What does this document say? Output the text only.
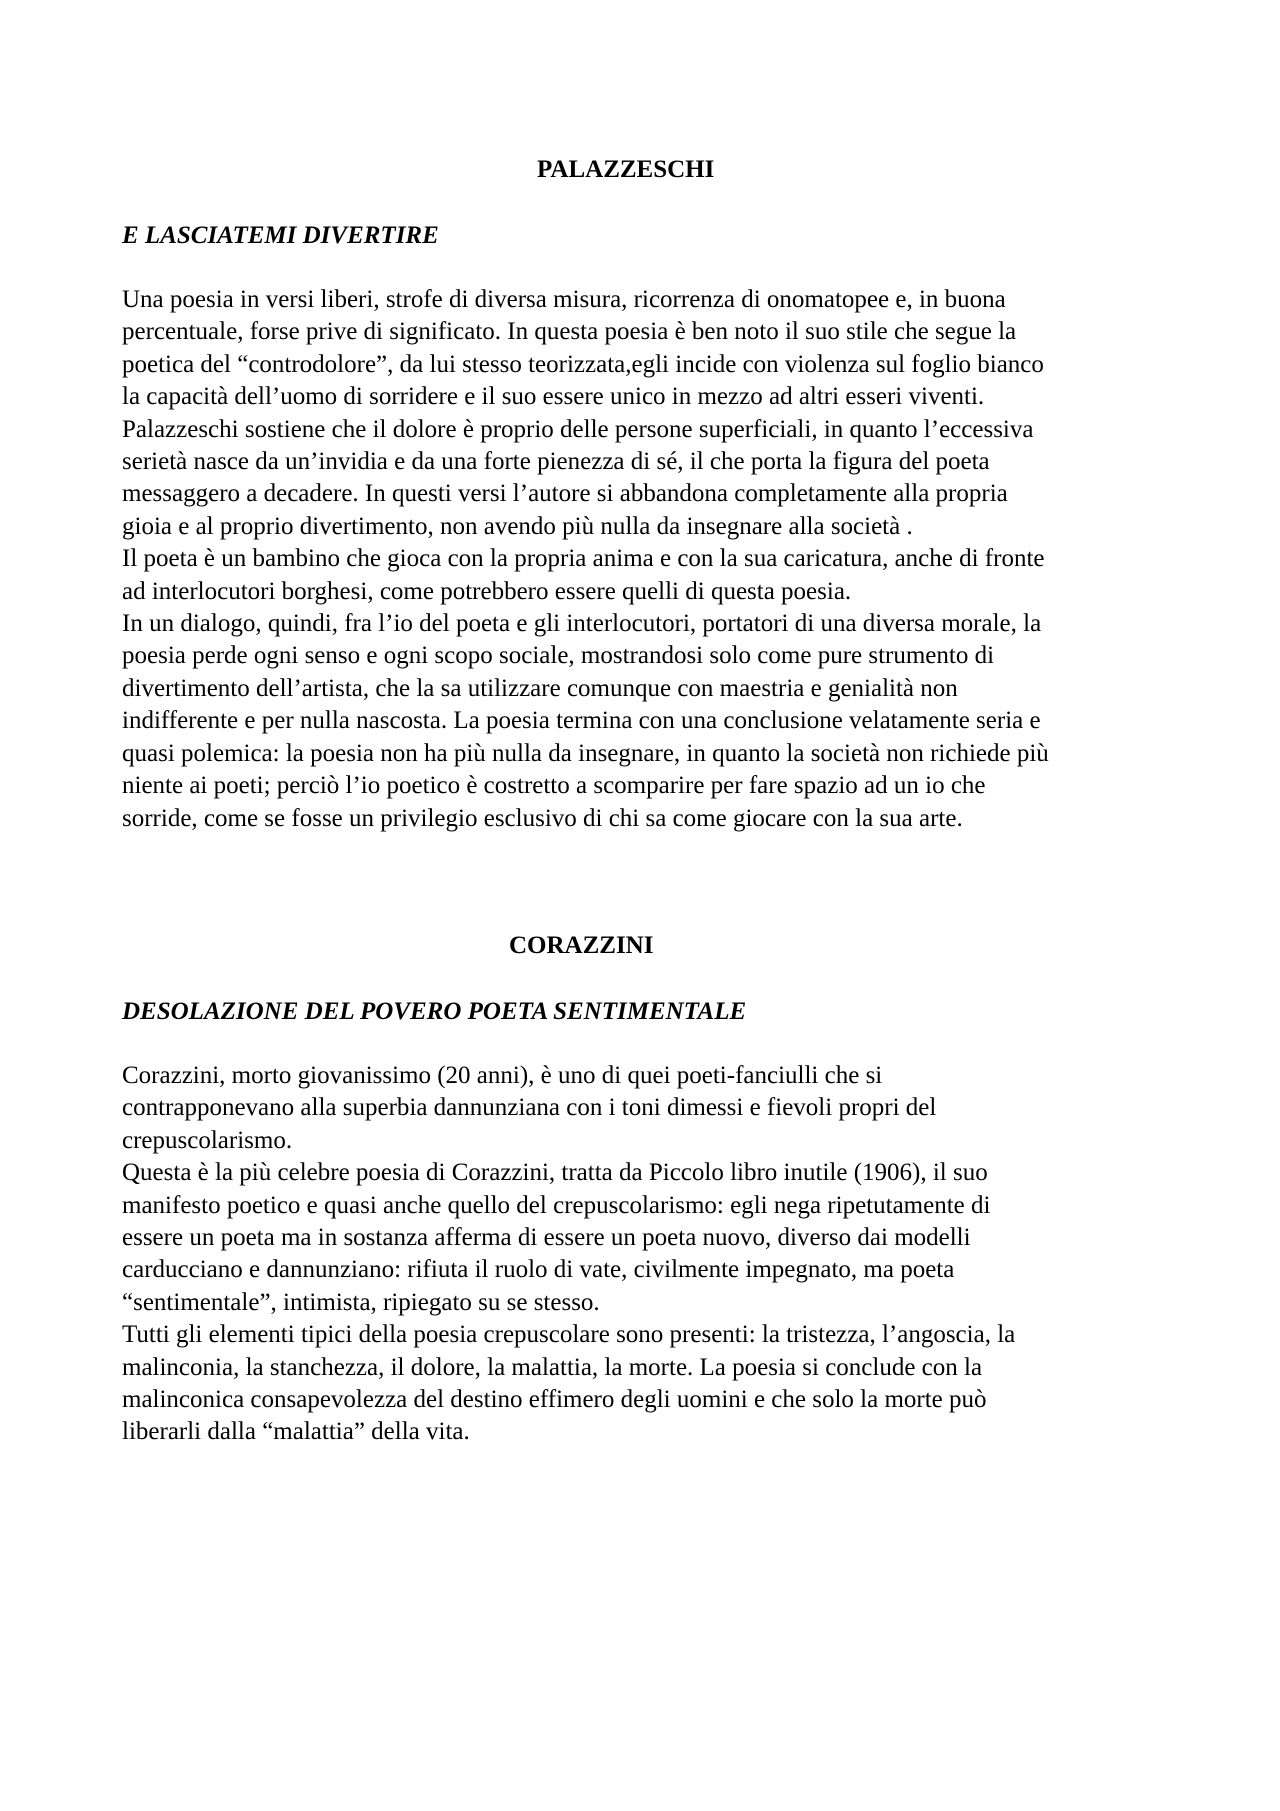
PALAZZESCHI
E LASCIATEMI DIVERTIRE

Una poesia in versi liberi, strofe di diversa misura, ricorrenza di onomatopee e, in buona
percentuale, forse prive di significato. In questa poesia è ben noto il suo stile che segue la
poetica del “controdolore”, da lui stesso teorizzata,egli incide con violenza sul foglio bianco
la capacità dell’uomo di sorridere e il suo essere unico in mezzo ad altri esseri viventi.
Palazzeschi sostiene che il dolore è proprio delle persone superficiali, in quanto l’eccessiva
serietà nasce da un’invidia e da una forte pienezza di sé, il che porta la figura del poeta
messaggero a decadere. In questi versi l’autore si abbandona completamente alla propria
gioia e al proprio divertimento, non avendo più nulla da insegnare alla società .
Il poeta è un bambino che gioca con la propria anima e con la sua caricatura, anche di fronte
ad interlocutori borghesi, come potrebbero essere quelli di questa poesia.
In un dialogo, quindi, fra l’io del poeta e gli interlocutori, portatori di una diversa morale, la
poesia perde ogni senso e ogni scopo sociale, mostrandosi solo come pure strumento di
divertimento dell’artista, che la sa utilizzare comunque con maestria e genialità non
indifferente e per nulla nascosta. La poesia termina con una conclusione velatamente seria e
quasi polemica: la poesia non ha più nulla da insegnare, in quanto la società non richiede più
niente ai poeti; perciò l’io poetico è costretto a scomparire per fare spazio ad un io che
sorride, come se fosse un privilegio esclusivo di chi sa come giocare con la sua arte.

CORAZZINI
DESOLAZIONE DEL POVERO POETA SENTIMENTALE

Corazzini, morto giovanissimo (20 anni), è uno di quei poeti-fanciulli che si
contrapponevano alla superbia dannunziana con i toni dimessi e fievoli propri del
crepuscolarismo.
Questa è la più celebre poesia di Corazzini, tratta da Piccolo libro inutile (1906), il suo
manifesto poetico e quasi anche quello del crepuscolarismo: egli nega ripetutamente di
essere un poeta ma in sostanza afferma di essere un poeta nuovo, diverso dai modelli
carducciano e dannunziano: rifiuta il ruolo di vate, civilmente impegnato, ma poeta
“sentimentale”, intimista, ripiegato su se stesso.
Tutti gli elementi tipici della poesia crepuscolare sono presenti: la tristezza, l’angoscia, la
malinconia, la stanchezza, il dolore, la malattia, la morte. La poesia si conclude con la
malinconica consapevolezza del destino effimero degli uomini e che solo la morte può
liberarli dalla “malattia” della vita.
